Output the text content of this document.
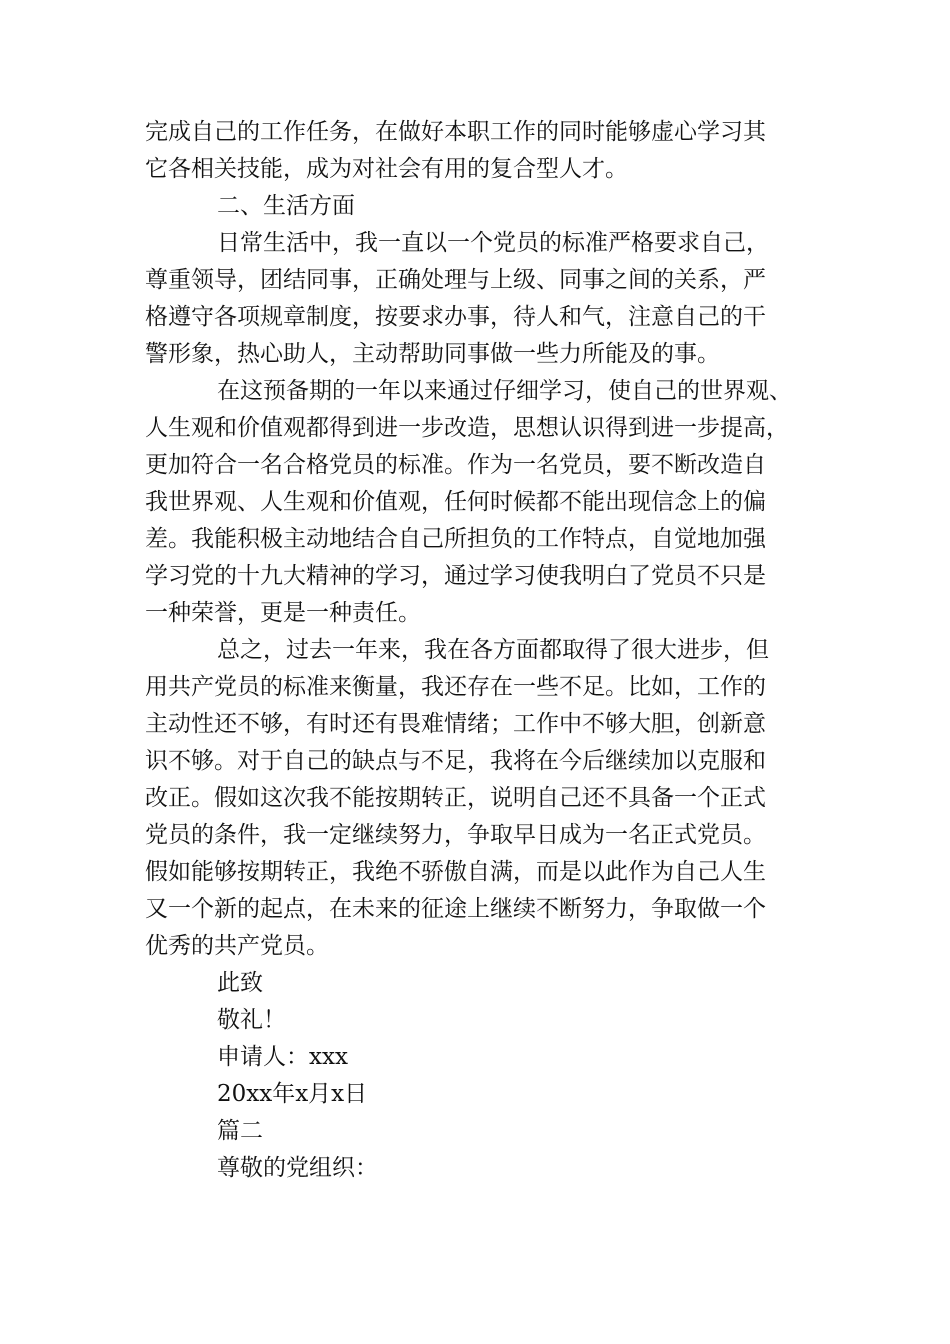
完成自己的工作任务，在做好本职工作的同时能够虚心学习其
它各相关技能，成为对社会有用的复合型人才。
二、生活方面
日常生活中，我一直以一个党员的标准严格要求自己，
尊重领导，团结同事，正确处理与上级、同事之间的关系，严
格遵守各项规章制度，按要求办事，待人和气，注意自己的干
警形象，热心助人，主动帮助同事做一些力所能及的事。
在这预备期的一年以来通过仔细学习，使自己的世界观、
人生观和价值观都得到进一步改造，思想认识得到进一步提高，
更加符合一名合格党员的标准。作为一名党员，要不断改造自
我世界观、人生观和价值观，任何时候都不能出现信念上的偏
差。我能积极主动地结合自己所担负的工作特点，自觉地加强
学习党的十九大精神的学习，通过学习使我明白了党员不只是
一种荣誉，更是一种责任。
总之，过去一年来，我在各方面都取得了很大进步，但
用共产党员的标准来衡量，我还存在一些不足。比如，工作的
主动性还不够，有时还有畏难情绪；工作中不够大胆，创新意
识不够。对于自己的缺点与不足，我将在今后继续加以克服和
改正。假如这次我不能按期转正，说明自己还不具备一个正式
党员的条件，我一定继续努力，争取早日成为一名正式党员。
假如能够按期转正，我绝不骄傲自满，而是以此作为自己人生
又一个新的起点，在未来的征途上继续不断努力，争取做一个
优秀的共产党员。
此致
敬礼！
申请人：xxx
20xx年x月x日
篇二
尊敬的党组织：
